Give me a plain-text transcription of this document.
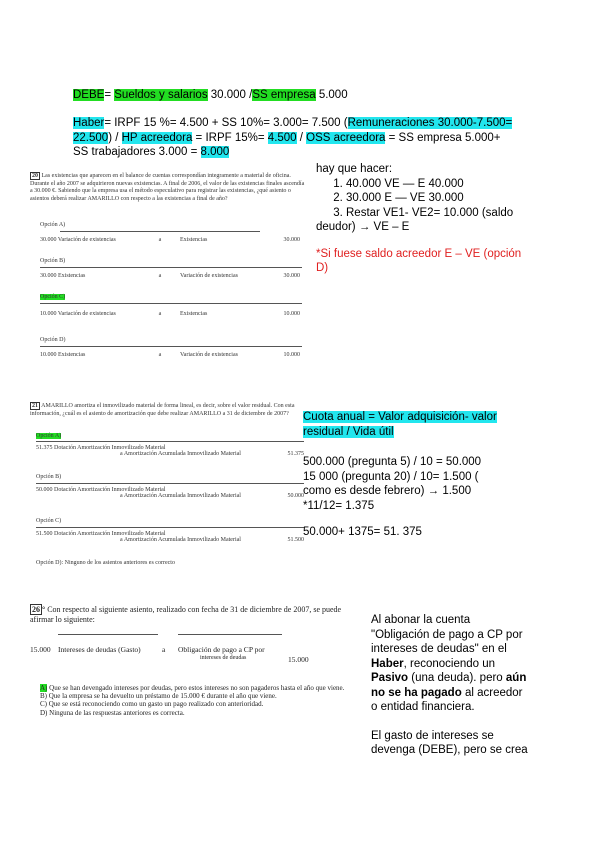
DEBE= Sueldos y salarios 30.000 /SS empresa 5.000
Haber= IRPF 15 %= 4.500 + SS 10%= 3.000= 7.500 (Remuneraciones 30.000-7.500= 22.500) / HP acreedora = IRPF 15%= 4.500 / OSS acreedora = SS empresa 5.000+ SS trabajadores 3.000 = 8.000
20 Las existencias que aparecen en el balance de cuentas correspondían integramente a material de oficina. Durante el año 2007 se adquirieron nuevas existencias. A final de 2006, el valor de las existencias finales ascendía a 30.000 €. Sabiendo que la empresa usa el método especulativo para registrar las existencias, ¿qué asiento o asientos deberá realizar AMARILLO con respecto a las existencias a final de año?
Opción A)
30.000 Variación de existencias	a	Existencias	30.000
Opción B)
30.000 Existencias	a	Variación de existencias	30.000
Opción C)
10.000 Variación de existencias	a	Existencias	10.000
Opción D)
10.000 Existencias	a	Variación de existencias	10.000
hay que hacer:
1. 40.000 VE — E 40.000
2. 30.000 E — VE 30.000
3. Restar VE1- VE2= 10.000 (saldo
deudor) → VE – E
*Si fuese saldo acreedor E – VE (opción D)
21 AMARILLO amortiza el inmovilizado material de forma lineal, es decir, sobre el valor residual. Con esta información, ¿cuál es el asiento de amortización que debe realizar AMARILLO a 31 de diciembre de 2007?
Opción A)
51.375 Dotación Amortización Inmovilizado Material
a Amortización Acumulada Inmovilizado Material	51.375
Opción B)
50.000 Dotación Amortización Inmovilizado Material
a Amortización Acumulada Inmovilizado Material	50.000
Opción C)
51.500 Dotación Amortización Inmovilizado Material
a Amortización Acumulada Inmovilizado Material	51.500
Opción D): Ninguno de los asientos anteriores es correcto
Cuota anual = Valor adquisición- valor residual / Vida útil
500.000 (pregunta 5) / 10 = 50.000
15 000 (pregunta 20) / 10= 1.500 ( como es desde febrero) → 1.500 *11/12= 1.375
50.000+ 1375= 51. 375
26 ° Con respecto al siguiente asiento, realizado con fecha de 31 de diciembre de 2007, se puede afirmar lo siguiente:
15.000 Intereses de deudas (Gasto)	a Obligación de pago a CP por
intereses de deudas	15.000
A) Que se han devengado intereses por deudas, pero estos intereses no son pagaderos hasta el año que viene.
B) Que la empresa se ha devuelto un préstamo de 15.000 € durante el año que viene.
C) Que se está reconociendo como un gasto un pago realizado con anterioridad.
D) Ninguna de las respuestas anteriores es correcta.
Al abonar la cuenta "Obligación de pago a CP por intereses de deudas" en el Haber, reconociendo un Pasivo (una deuda). pero aún no se ha pagado al acreedor o entidad financiera.
El gasto de intereses se devenga (DEBE), pero se crea
